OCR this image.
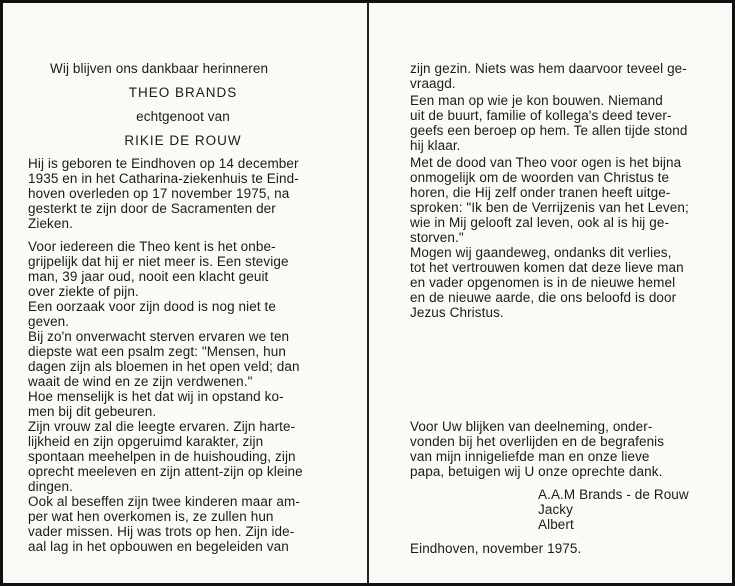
Wij blijven ons dankbaar herinneren
THEO BRANDS
echtgenoot van
RIKIE DE ROUW
Hij is geboren te Eindhoven op 14 december
1935 en in het Catharina-ziekenhuis te Eind-
hoven overleden op 17 november 1975, na
gesterkt te zijn door de Sacramenten der
Zieken.
Voor iedereen die Theo kent is het onbe-
grijpelijk dat hij er niet meer is. Een stevige
man, 39 jaar oud, nooit een klacht geuit
over ziekte of pijn.
Een oorzaak voor zijn dood is nog niet te
geven.
Bij zo'n onverwacht sterven ervaren we ten
diepste wat een psalm zegt: "Mensen, hun
dagen zijn als bloemen in het open veld; dan
waait de wind en ze zijn verdwenen."
Hoe menselijk is het dat wij in opstand ko-
men bij dit gebeuren.
Zijn vrouw zal die leegte ervaren. Zijn harte-
lijkheid en zijn opgeruimd karakter, zijn
spontaan meehelpen in de huishouding, zijn
oprecht meeleven en zijn attent-zijn op kleine
dingen.
Ook al beseffen zijn twee kinderen maar am-
per wat hen overkomen is, ze zullen hun
vader missen. Hij was trots op hen. Zijn ide-
aal lag in het opbouwen en begeleiden van
zijn gezin. Niets was hem daarvoor teveel ge-
vraagd.
Een man op wie je kon bouwen. Niemand
uit de buurt, familie of kollega's deed tever-
geefs een beroep op hem. Te allen tijde stond
hij klaar.
Met de dood van Theo voor ogen is het bijna
onmogelijk om de woorden van Christus te
horen, die Hij zelf onder tranen heeft uitge-
sproken: "Ik ben de Verrijzenis van het Leven;
wie in Mij gelooft zal leven, ook al is hij ge-
storven."
Mogen wij gaandeweg, ondanks dit verlies,
tot het vertrouwen komen dat deze lieve man
en vader opgenomen is in de nieuwe hemel
en de nieuwe aarde, die ons beloofd is door
Jezus Christus.
Voor Uw blijken van deelneming, onder-
vonden bij het overlijden en de begrafenis
van mijn innigeliefde man en onze lieve
papa, betuigen wij U onze oprechte dank.
A.A.M Brands - de Rouw
Jacky
Albert
Eindhoven, november 1975.
